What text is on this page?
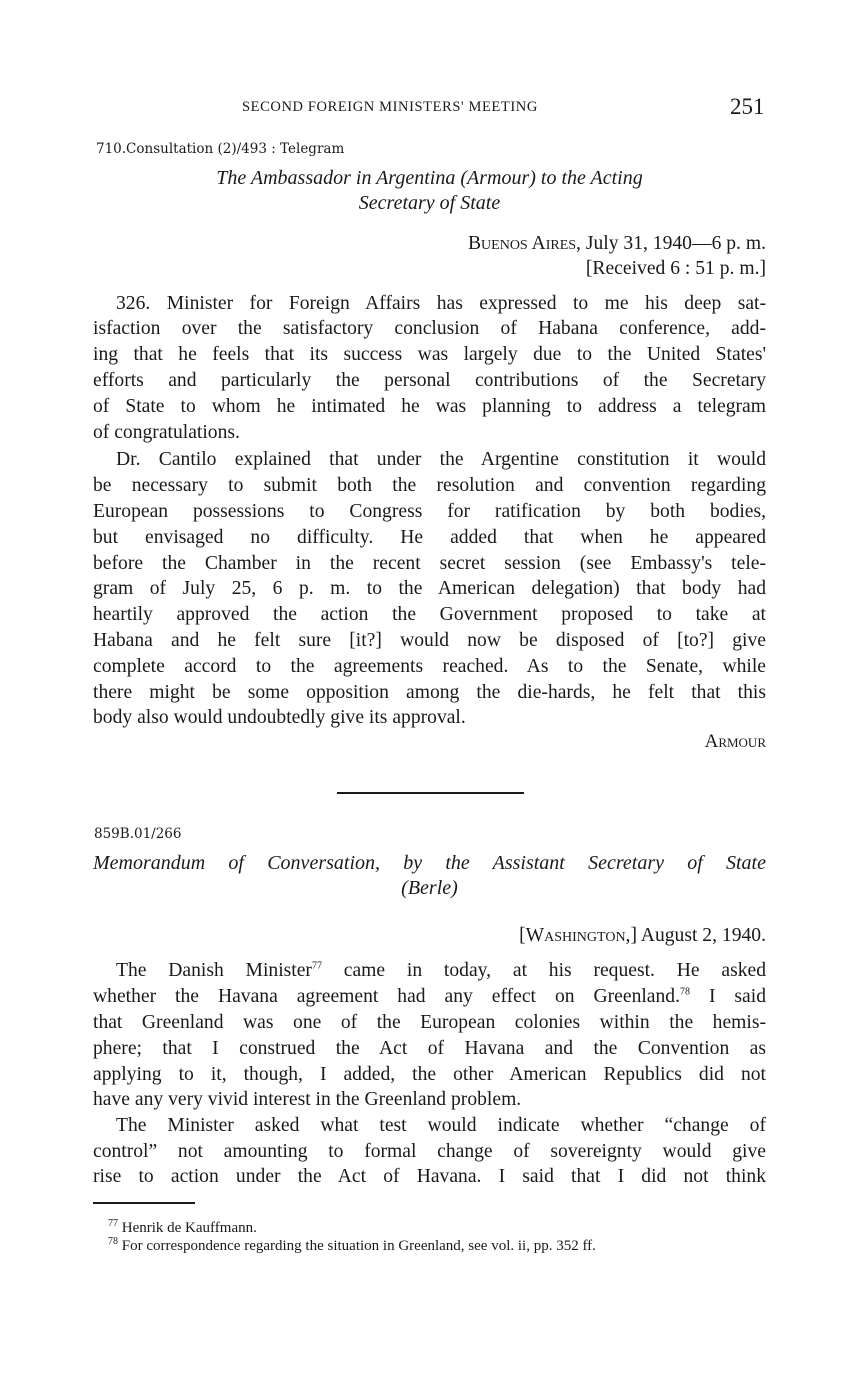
SECOND FOREIGN MINISTERS' MEETING	251
710.Consultation (2)/493 : Telegram
The Ambassador in Argentina (Armour) to the Acting
Secretary of State
Buenos Aires, July 31, 1940—6 p. m.
[Received 6 : 51 p. m.]
326. Minister for Foreign Affairs has expressed to me his deep sat-
isfaction over the satisfactory conclusion of Habana conference, add-
ing that he feels that its success was largely due to the United States'
efforts and particularly the personal contributions of the Secretary
of State to whom he intimated he was planning to address a telegram
of congratulations.
Dr. Cantilo explained that under the Argentine constitution it would
be necessary to submit both the resolution and convention regarding
European possessions to Congress for ratification by both bodies,
but envisaged no difficulty. He added that when he appeared
before the Chamber in the recent secret session (see Embassy's tele-
gram of July 25, 6 p. m. to the American delegation) that body had
heartily approved the action the Government proposed to take at
Habana and he felt sure [it?] would now be disposed of [to?] give
complete accord to the agreements reached. As to the Senate, while
there might be some opposition among the die-hards, he felt that this
body also would undoubtedly give its approval.
Armour
859B.01/266
Memorandum of Conversation, by the Assistant Secretary of State
(Berle)
[Washington,] August 2, 1940.
The Danish Minister$^{77}$ came in today, at his request. He asked
whether the Havana agreement had any effect on Greenland.$^{78}$ I said
that Greenland was one of the European colonies within the hemis-
phere; that I construed the Act of Havana and the Convention as
applying to it, though, I added, the other American Republics did not
have any very vivid interest in the Greenland problem.
The Minister asked what test would indicate whether “change of
control” not amounting to formal change of sovereignty would give
rise to action under the Act of Havana. I said that I did not think
$^{77}$ Henrik de Kauffmann.
$^{78}$ For correspondence regarding the situation in Greenland, see vol. ii, pp. 352 ff.
